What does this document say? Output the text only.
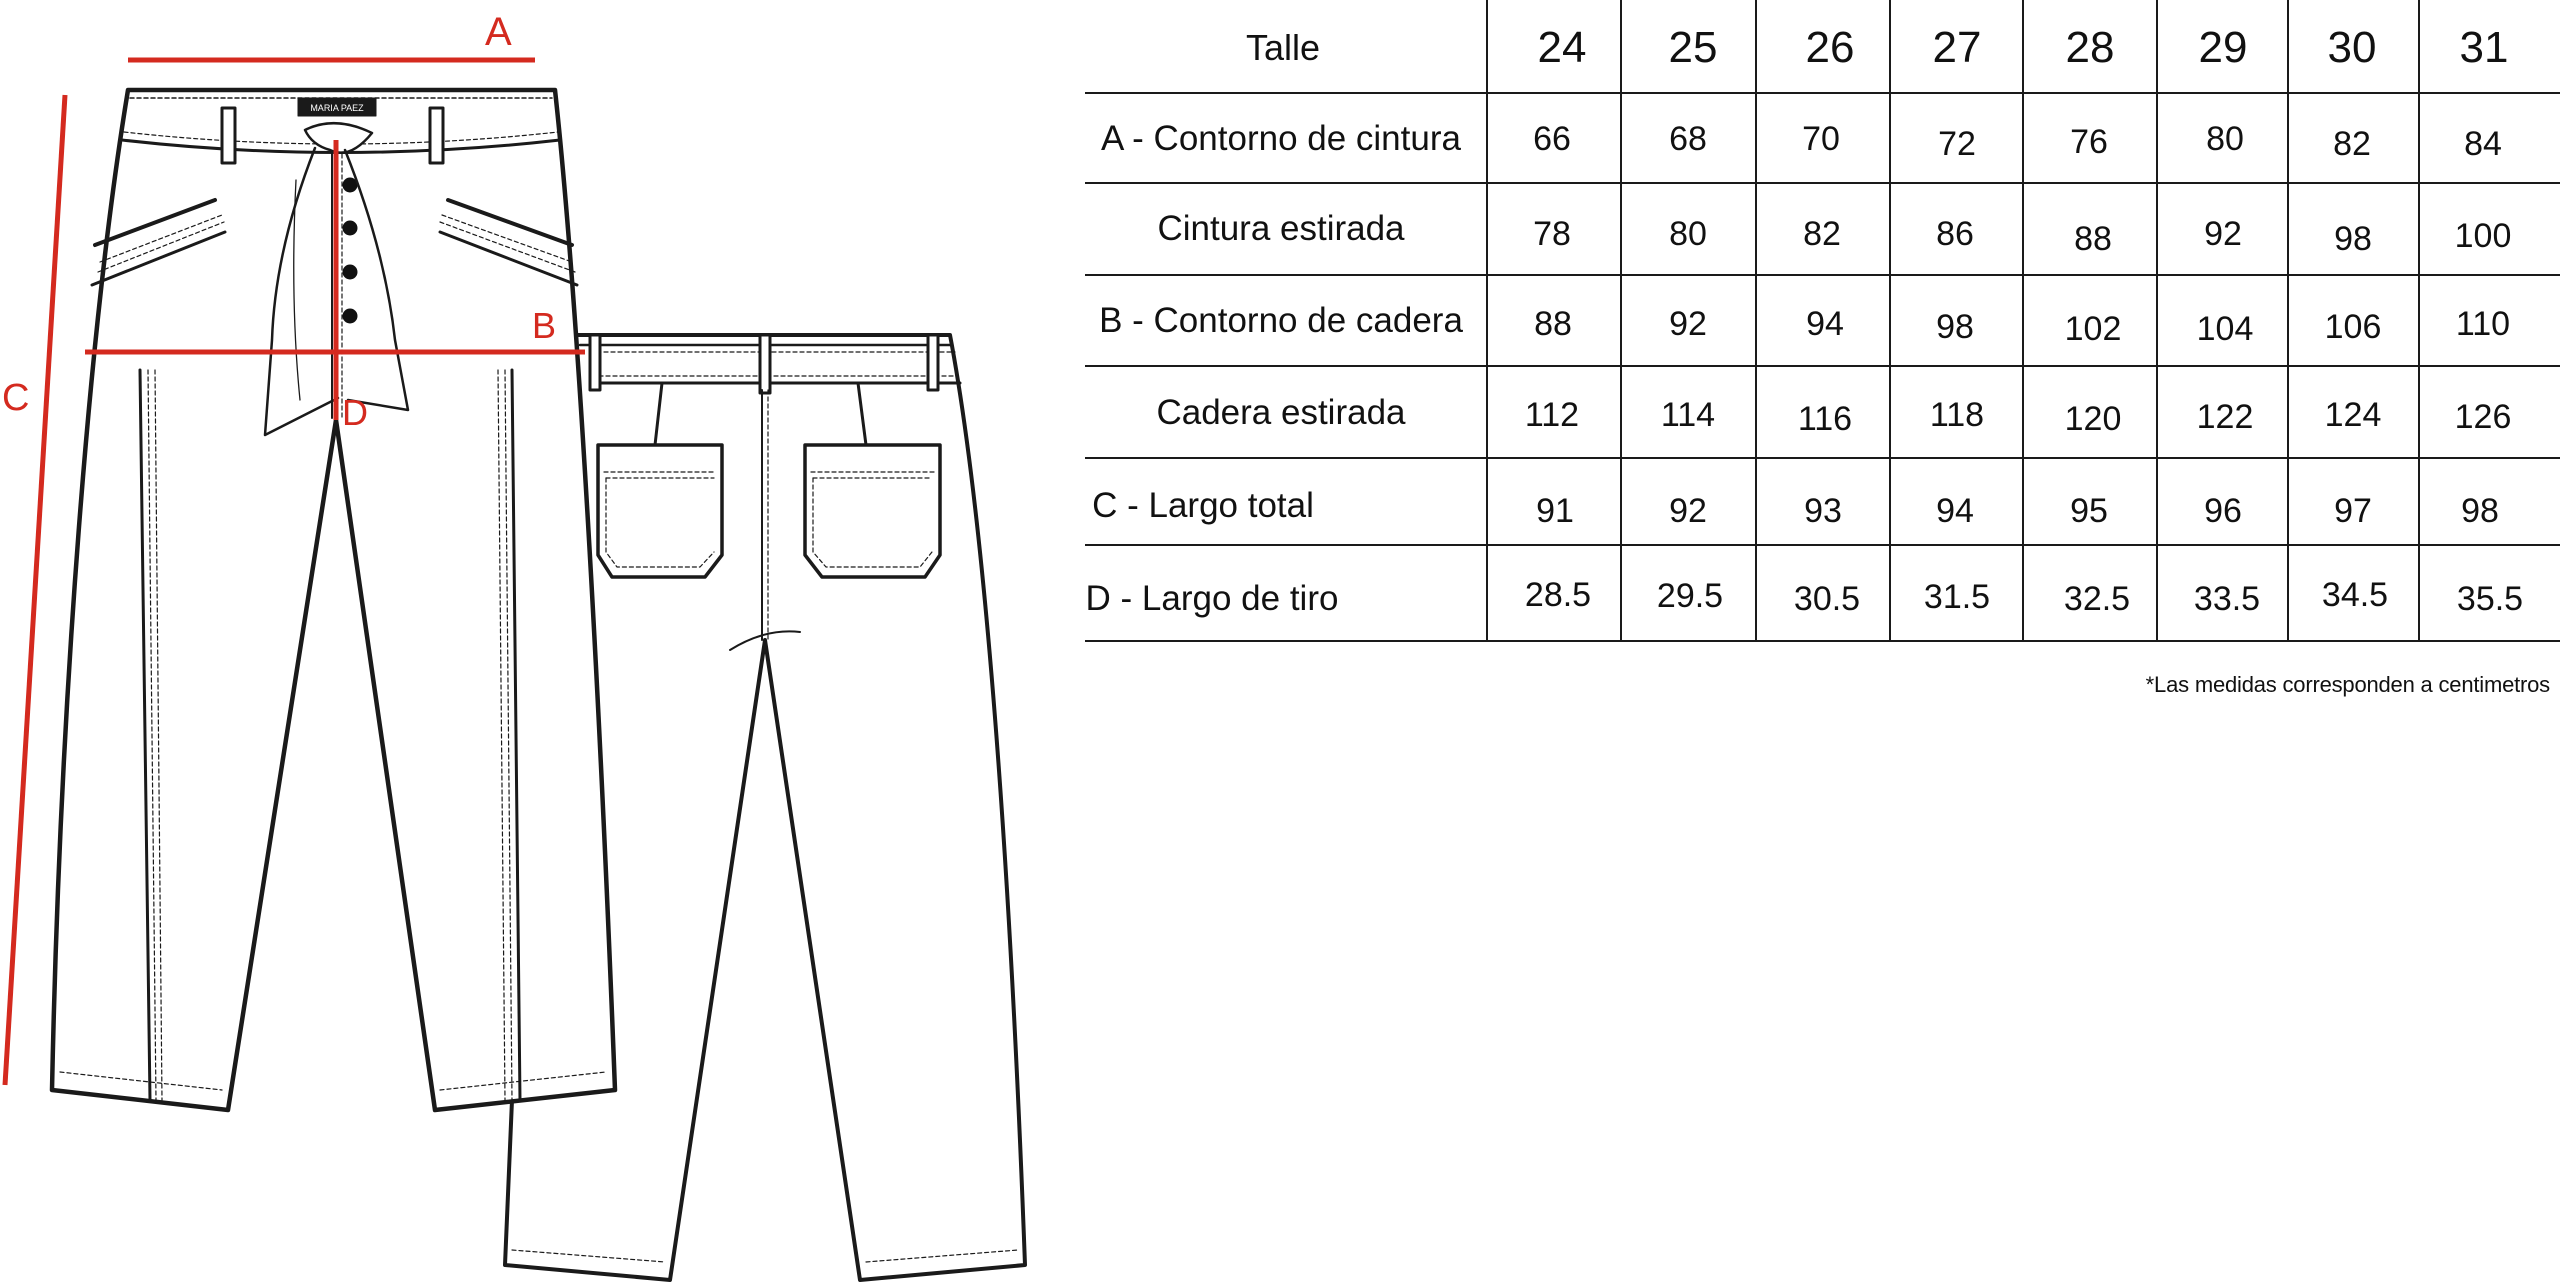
MARIA PAEZ
A
B
C	D
Talle	24 25 26 27 28 29 30 31
A - Contorno de cintura 66	68	70	72	76	80	82	84
Cintura estirada	78	80	82	86	88	92	98 100
B - Contorno de cadera 88	92	94	98	102 104 106 110
Cadera estirada	112 114 116 118 120 122 124 126
C - Largo total	91	92	93	94	95	96	97	98
D - Largo de tiro	28.5 29.5 30.5 31.5 32.5 33.5 34.5 35.5
*Las medidas corresponden a centimetros
